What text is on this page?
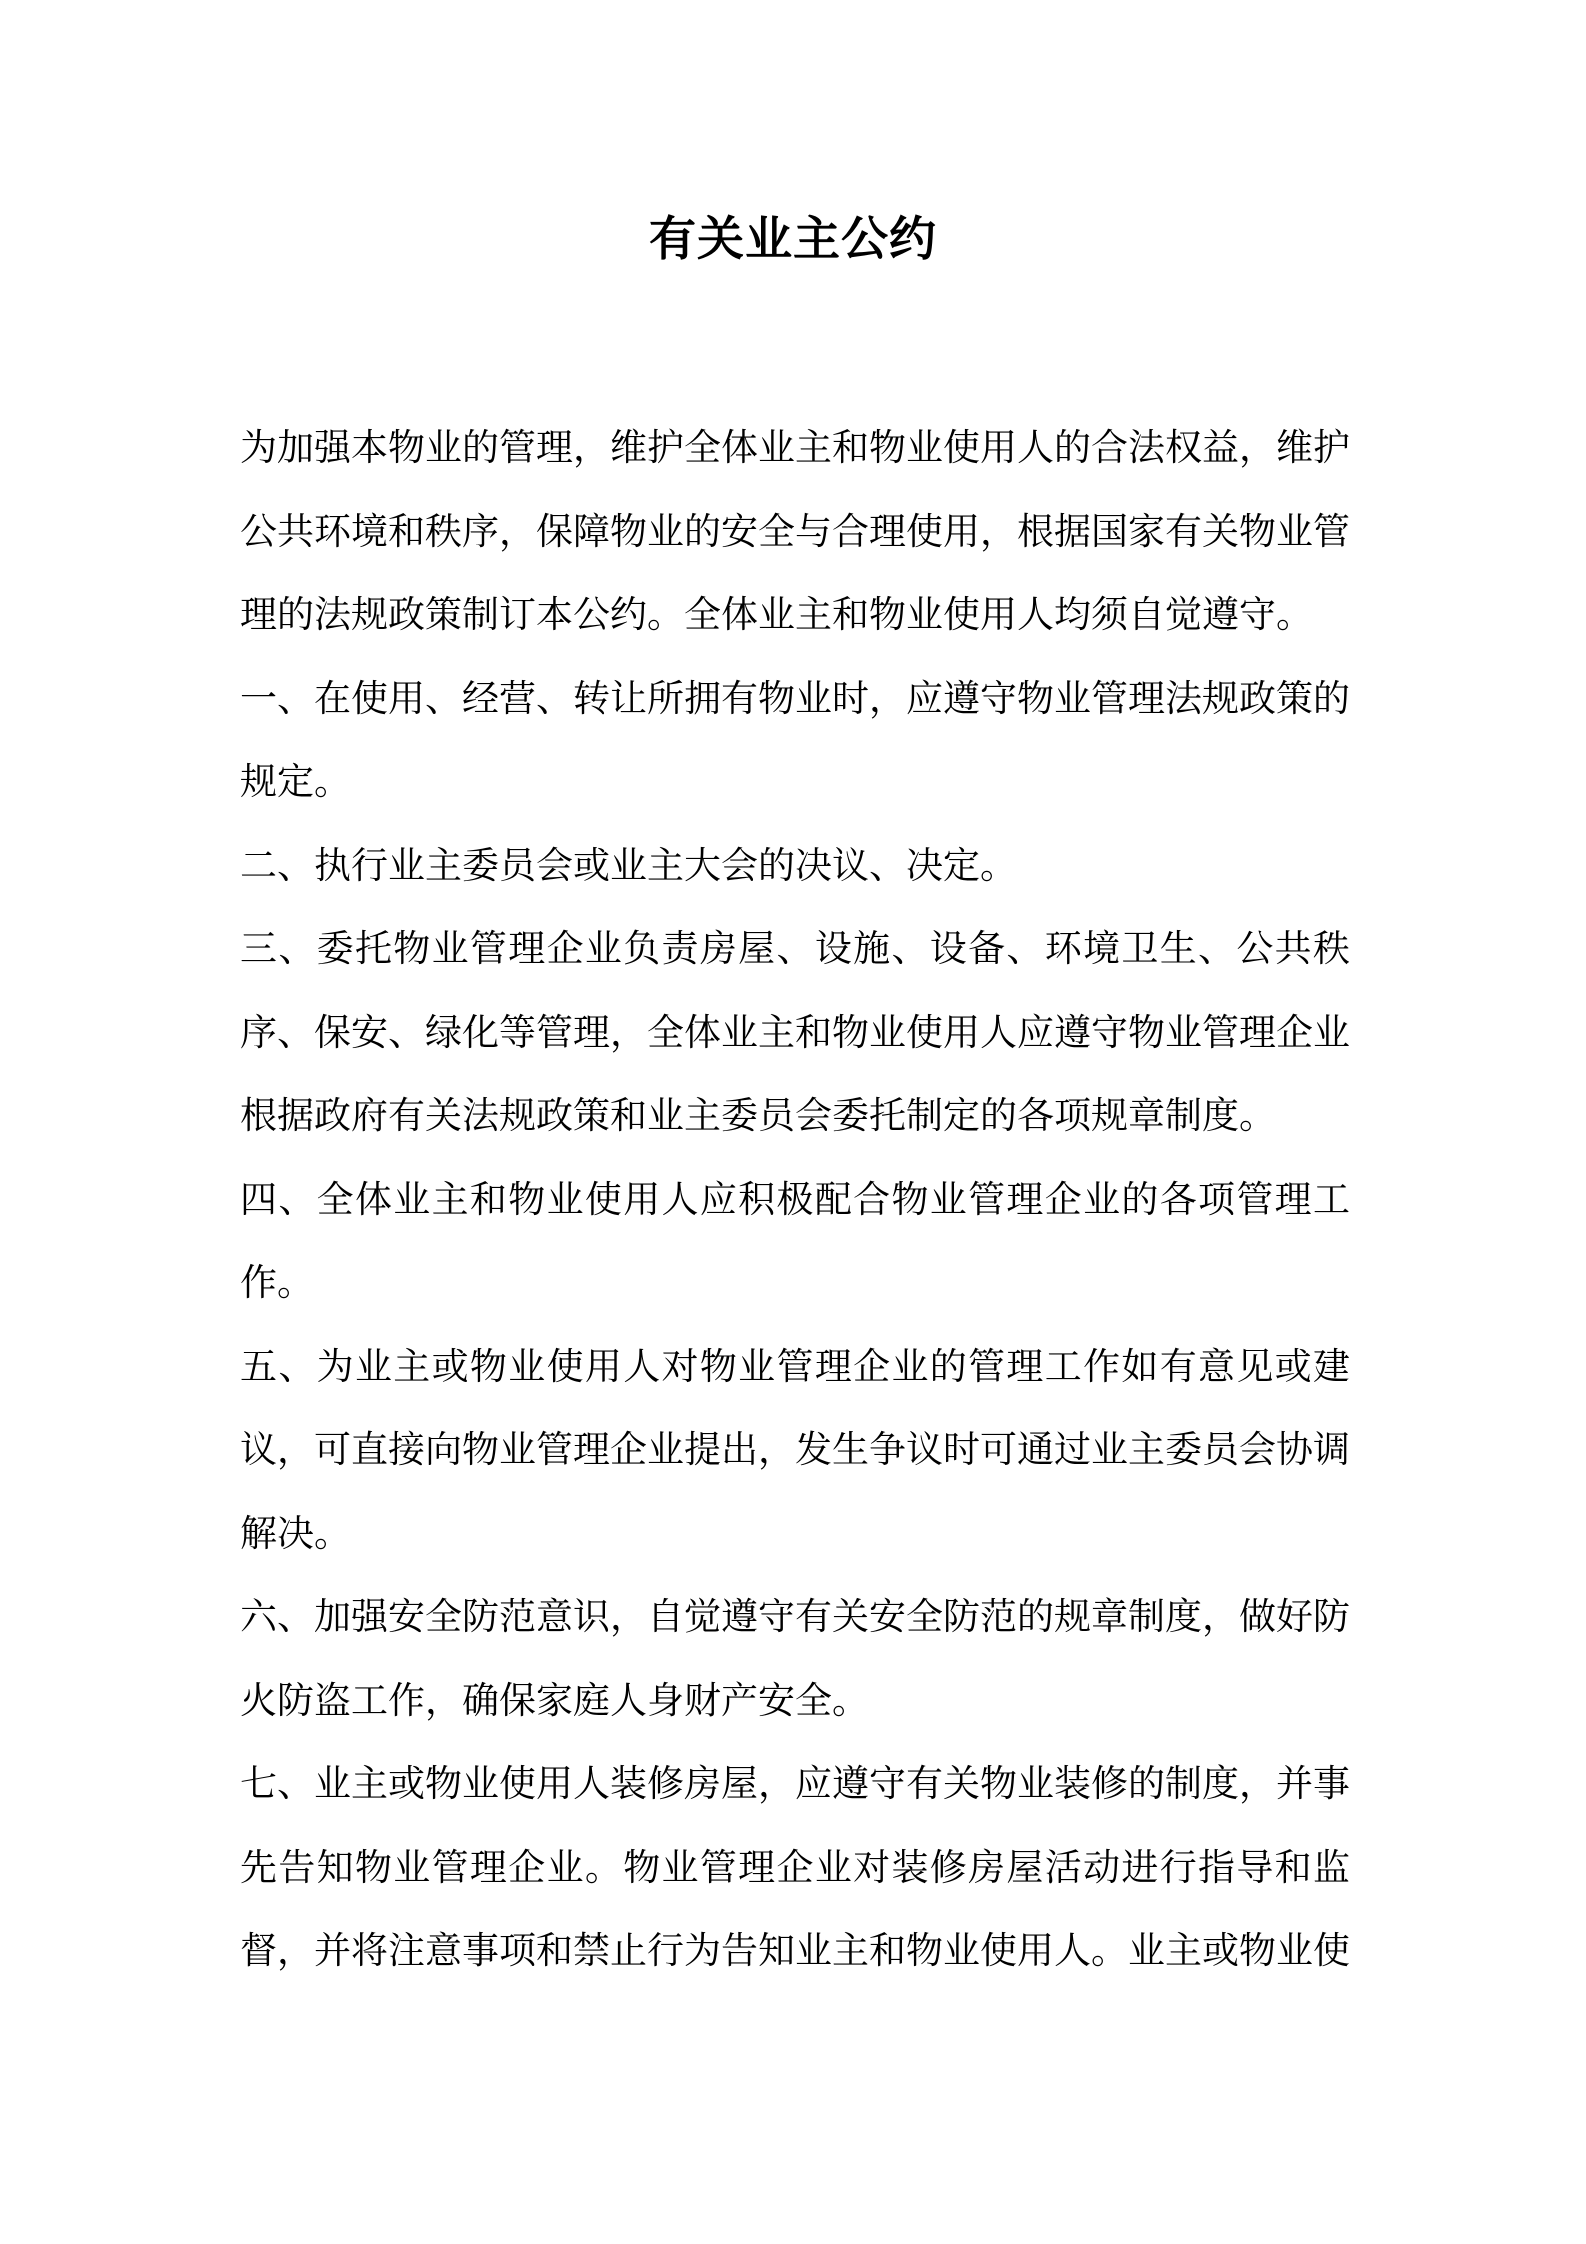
有关业主公约

为加强本物业的管理，维护全体业主和物业使用人的合法权益，维护公共环境和秩序，保障物业的安全与合理使用，根据国家有关物业管理的法规政策制订本公约。全体业主和物业使用人均须自觉遵守。

一、在使用、经营、转让所拥有物业时，应遵守物业管理法规政策的规定。

二、执行业主委员会或业主大会的决议、决定。

三、委托物业管理企业负责房屋、设施、设备、环境卫生、公共秩序、保安、绿化等管理，全体业主和物业使用人应遵守物业管理企业根据政府有关法规政策和业主委员会委托制定的各项规章制度。

四、全体业主和物业使用人应积极配合物业管理企业的各项管理工作。

五、为业主或物业使用人对物业管理企业的管理工作如有意见或建议，可直接向物业管理企业提出，发生争议时可通过业主委员会协调解决。

六、加强安全防范意识，自觉遵守有关安全防范的规章制度，做好防火防盗工作，确保家庭人身财产安全。

七、业主或物业使用人装修房屋，应遵守有关物业装修的制度，并事先告知物业管理企业。物业管理企业对装修房屋活动进行指导和监督，并将注意事项和禁止行为告知业主和物业使用人。业主或物业使
